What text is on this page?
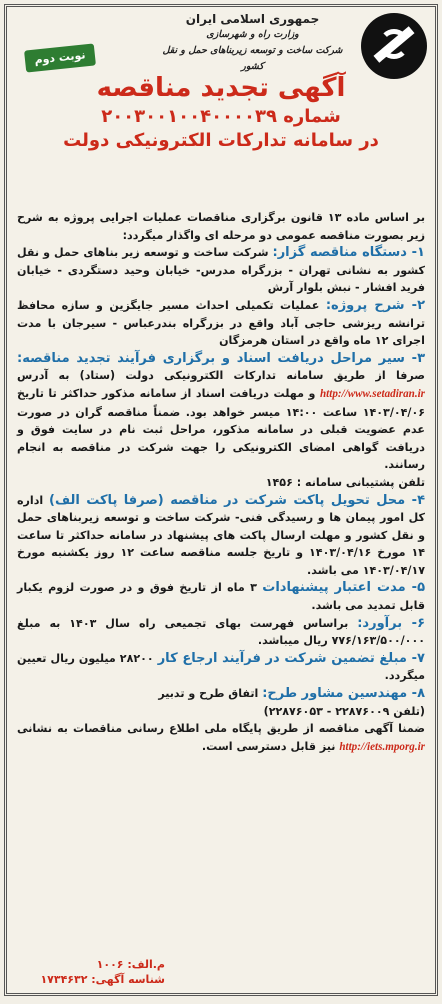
جمهوری اسلامی ایران
وزارت راه و شهرسازی
شرکت ساخت و توسعه زیربناهای حمل و نقل کشور
نوبت دوم
آگهی تجدید مناقصه
شماره ۲۰۰۳۰۰۱۰۰۴۰۰۰۰۳۹
در سامانه تدارکات الکترونیکی دولت

بر اساس ماده ۱۳ قانون برگزاری مناقصات عملیات اجرایی پروژه به شرح زیر بصورت مناقصه عمومی دو مرحله ای واگذار میگردد:

۱- دستگاه مناقصه گزار: شرکت ساخت و توسعه زیر بناهای حمل و نقل کشور به نشانی تهران - بزرگراه مدرس- خیابان وحید دستگردی - خیابان فرید افشار - نبش بلوار آرش

۲- شرح پروژه: عملیات تکمیلی احداث مسیر جایگزین و سازه محافظ ترانشه ریزشی حاجی آباد واقع در بزرگراه بندرعباس - سیرجان با مدت اجرای ۱۲ ماه واقع در استان هرمزگان

۳- سیر مراحل دریافت اسناد و برگزاری فرآیند تجدید مناقصه: صرفا از طریق سامانه تدارکات الکترونیکی دولت (ستاد) به آدرس http://www.setadiran.ir و مهلت دریافت اسناد از سامانه مذکور حداکثر تا تاریخ ۱۴۰۳/۰۴/۰۶ ساعت ۱۴:۰۰ میسر خواهد بود. ضمناً مناقصه گران در صورت عدم عضویت قبلی در سامانه مذکور، مراحل ثبت نام در سایت فوق و دریافت گواهی امضای الکترونیکی را جهت شرکت در مناقصه به انجام رسانند.

تلفن پشتیبانی سامانه : ۱۴۵۶

۴- محل تحویل پاکت شرکت در مناقصه (صرفا پاکت الف) اداره کل امور پیمان ها و رسیدگی فنی- شرکت ساخت و توسعه زیربناهای حمل و نقل کشور و مهلت ارسال پاکت های پیشنهاد در سامانه حداکثر تا ساعت ۱۴ مورخ ۱۴۰۳/۰۴/۱۶ و تاریخ جلسه مناقصه ساعت ۱۲ روز یکشنبه مورخ ۱۴۰۳/۰۴/۱۷ می باشد.

۵- مدت اعتبار پیشنهادات ۳ ماه از تاریخ فوق و در صورت لزوم یکبار قابل تمدید می باشد.

۶- برآورد: براساس فهرست بهای تجمیعی راه سال ۱۴۰۳ به مبلغ ۷۷۶/۱۶۳/۵۰۰/۰۰۰ ریال میباشد.

۷- مبلغ تضمین شرکت در فرآیند ارجاع کار ۲۸۲۰۰ میلیون ریال تعیین میگردد.

۸- مهندسین مشاور طرح: اتفاق طرح و تدبیر

(تلفن ۲۲۸۷۶۰۰۹ - ۲۲۸۷۶۰۵۳)

ضمنا آگهی مناقصه از طریق پایگاه ملی اطلاع رسانی مناقصات به نشانی http://iets.mporg.ir نیز قابل دسترسی است.

م.الف: ۱۰۰۶
شناسه آگهی: ۱۷۳۴۶۳۲
